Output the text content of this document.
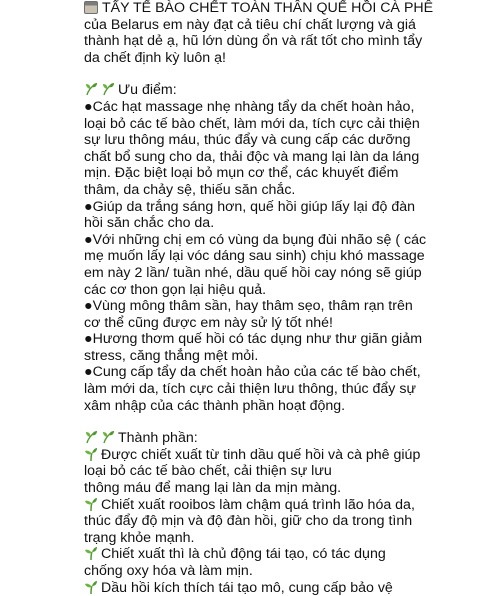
TẨY TẾ BÀO CHẾT TOÀN THÂN QUẾ HỒI CÀ PHÊ
của Belarus em này đạt cả tiêu chí chất lượng và giá
thành hạt dẻ ạ, hũ lớn dùng ổn và rất tốt cho mình tẩy
da chết định kỳ luôn ạ!
Ưu điểm:
●Các hạt massage nhẹ nhàng tẩy da chết hoàn hảo,
loại bỏ các tế bào chết, làm mới da, tích cực cải thiện
sự lưu thông máu, thúc đẩy và cung cấp các dưỡng
chất bổ sung cho da, thải độc và mang lại làn da láng
mịn. Đặc biệt loại bỏ mụn cơ thể, các khuyết điểm
thâm, da chảy sệ, thiếu săn chắc.
●Giúp da trắng sáng hơn, quế hồi giúp lấy lại độ đàn
hồi săn chắc cho da.
●Với những chị em có vùng da bụng đùi nhão sệ ( các
mẹ muốn lấy lại vóc dáng sau sinh) chịu khó massage
em này 2 lần/ tuần nhé, dầu quế hồi cay nóng sẽ giúp
các cơ thon gọn lại hiệu quả.
●Vùng mông thâm sần, hay thâm sẹo, thâm rạn trên
cơ thể cũng được em này sử lý tốt nhé!
●Hương thơm quế hồi có tác dụng như thư giãn giảm
stress, căng thẳng mệt mỏi.
●Cung cấp tẩy da chết hoàn hảo của các tế bào chết,
làm mới da, tích cực cải thiện lưu thông, thúc đẩy sự
xâm nhập của các thành phần hoạt động.
Thành phần:
Được chiết xuất từ tinh dầu quế hồi và cà phê giúp
loại bỏ các tế bào chết, cải thiện sự lưu
thông máu để mang lại làn da mịn màng.
Chiết xuất rooibos làm chậm quá trình lão hóa da,
thúc đẩy độ mịn và độ đàn hồi, giữ cho da trong tình
trạng khỏe mạnh.
Chiết xuất thì là chủ động tái tạo, có tác dụng
chống oxy hóa và làm mịn.
Dầu hồi kích thích tái tạo mô, cung cấp bảo vệ
